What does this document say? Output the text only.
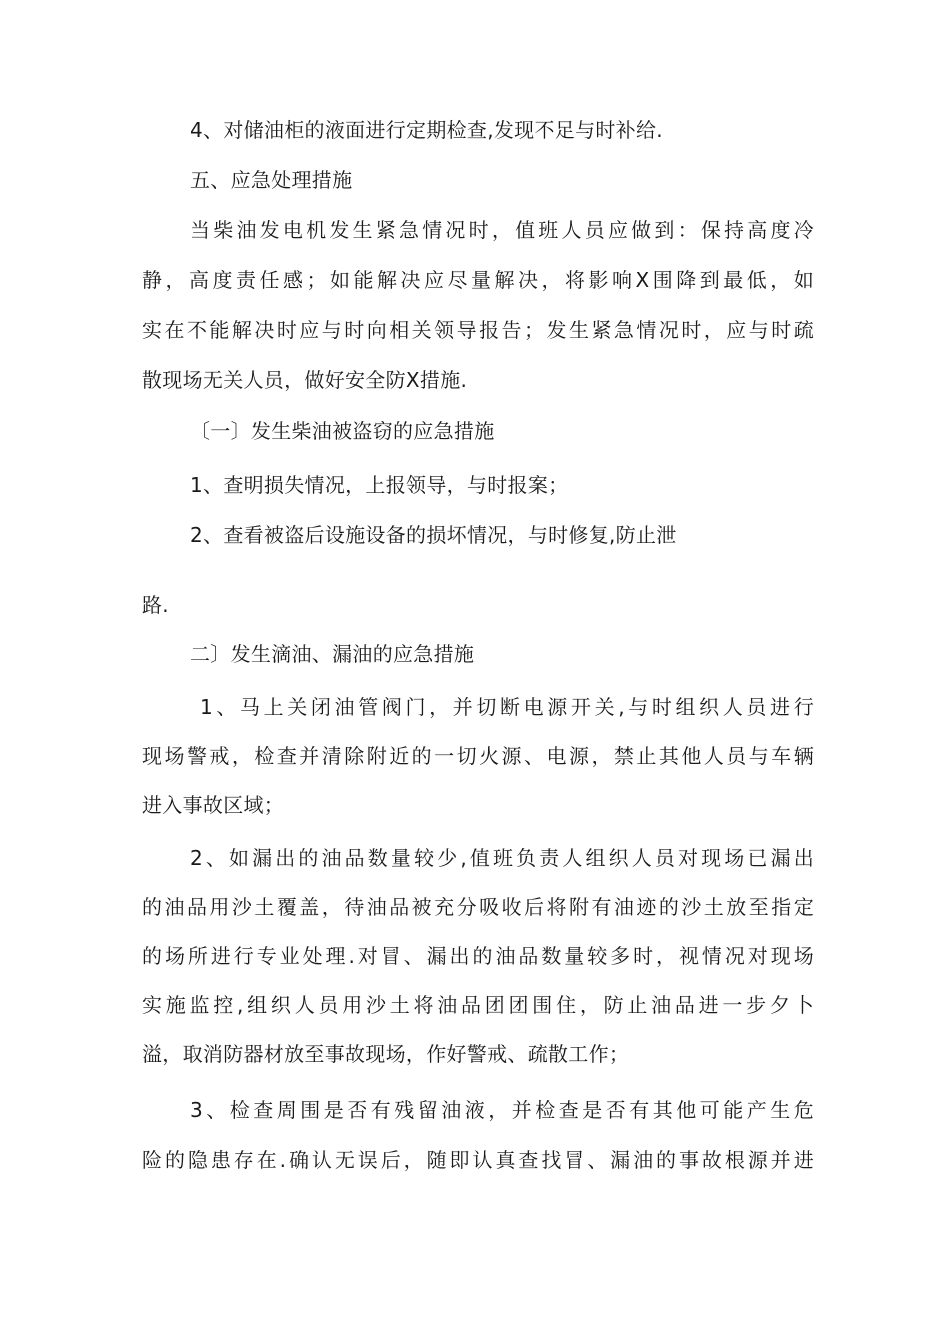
4、对储油柜的液面进行定期检查,发现不足与时补给.
五、应急处理措施
当柴油发电机发生紧急情况时，值班人员应做到：保持高度冷
静，高度责任感；如能解决应尽量解决，将影响X围降到最低，如
实在不能解决时应与时向相关领导报告；发生紧急情况时，应与时疏
散现场无关人员，做好安全防X措施.
〔一〕发生柴油被盗窃的应急措施
1、查明损失情况，上报领导，与时报案；
2、查看被盗后设施设备的损坏情况，与时修复,防止泄
路.
二〕发生滴油、漏油的应急措施
1、马上关闭油管阀门，并切断电源开关,与时组织人员进行
现场警戒，检查并清除附近的一切火源、电源，禁止其他人员与车辆
进入事故区域；
2、如漏出的油品数量较少,值班负责人组织人员对现场已漏出
的油品用沙土覆盖，待油品被充分吸收后将附有油迹的沙土放至指定
的场所进行专业处理.对冒、漏出的油品数量较多时，视情况对现场
实施监控,组织人员用沙土将油品团团围住，防止油品进一步夕卜
溢，取消防器材放至事故现场，作好警戒、疏散工作；
3、检查周围是否有残留油液，并检查是否有其他可能产生危
险的隐患存在.确认无误后，随即认真查找冒、漏油的事故根源并进
